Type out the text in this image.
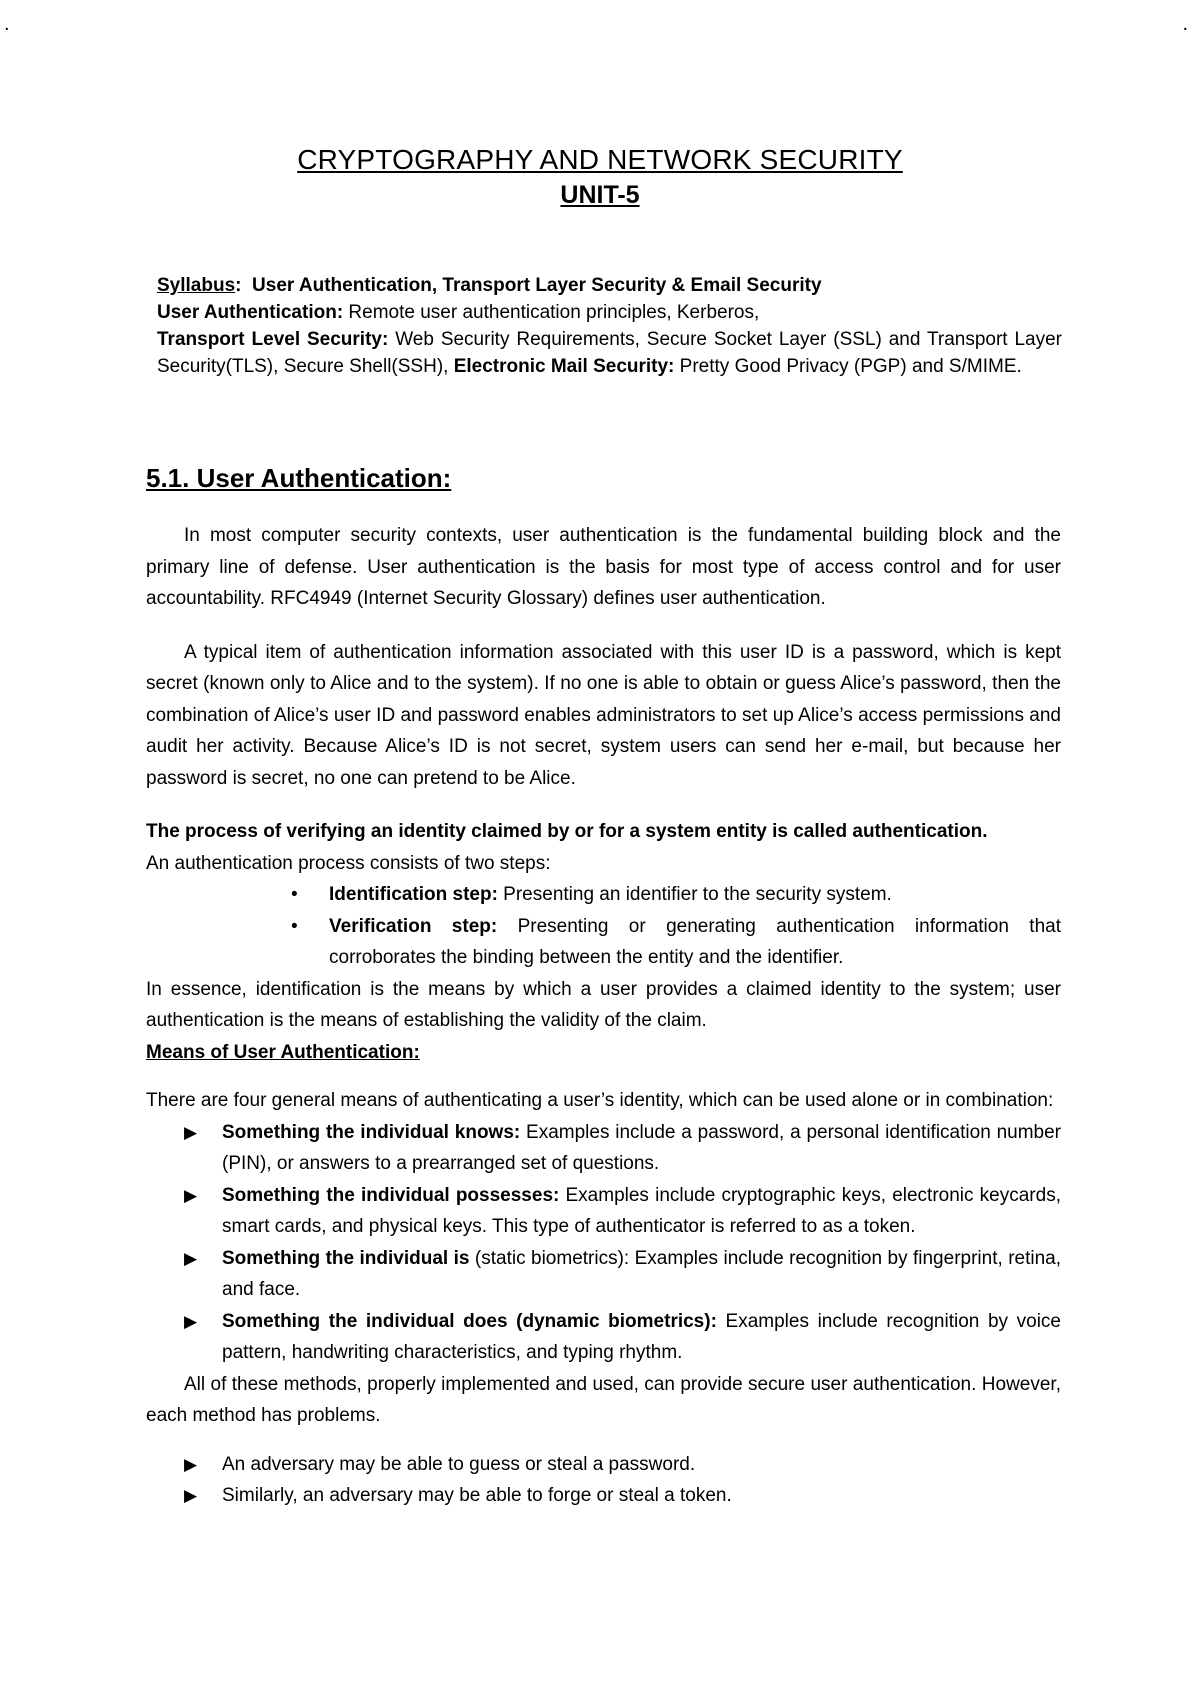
.	.
CRYPTOGRAPHY AND NETWORK SECURITY
UNIT-5

Syllabus: User Authentication, Transport Layer Security & Email Security

User Authentication: Remote user authentication principles, Kerberos,

Transport Level Security: Web Security Requirements, Secure Socket Layer (SSL) and Transport Layer Security(TLS), Secure Shell(SSH), Electronic Mail Security: Pretty Good Privacy (PGP) and S/MIME.

5.1. User Authentication:

In most computer security contexts, user authentication is the fundamental building block and the primary line of defense. User authentication is the basis for most type of access control and for user accountability. RFC4949 (Internet Security Glossary) defines user authentication.

A typical item of authentication information associated with this user ID is a password, which is kept secret (known only to Alice and to the system). If no one is able to obtain or guess Alice’s password, then the combination of Alice’s user ID and password enables administrators to set up Alice’s access permissions and audit her activity. Because Alice’s ID is not secret, system users can send her e-mail, but because her password is secret, no one can pretend to be Alice.

The process of verifying an identity claimed by or for a system entity is called authentication.

An authentication process consists of two steps:

• Identification step: Presenting an identifier to the security system.
• Verification step: Presenting or generating authentication information that corroborates the binding between the entity and the identifier.

In essence, identification is the means by which a user provides a claimed identity to the system; user authentication is the means of establishing the validity of the claim.

Means of User Authentication:

There are four general means of authenticating a user’s identity, which can be used alone or in combination:

▶ Something the individual knows: Examples include a password, a personal identification number (PIN), or answers to a prearranged set of questions.
▶ Something the individual possesses: Examples include cryptographic keys, electronic keycards, smart cards, and physical keys. This type of authenticator is referred to as a token.
▶ Something the individual is (static biometrics): Examples include recognition by fingerprint, retina, and face.
▶ Something the individual does (dynamic biometrics): Examples include recognition by voice pattern, handwriting characteristics, and typing rhythm.

All of these methods, properly implemented and used, can provide secure user authentication. However, each method has problems.

▶ An adversary may be able to guess or steal a password.
▶ Similarly, an adversary may be able to forge or steal a token.
